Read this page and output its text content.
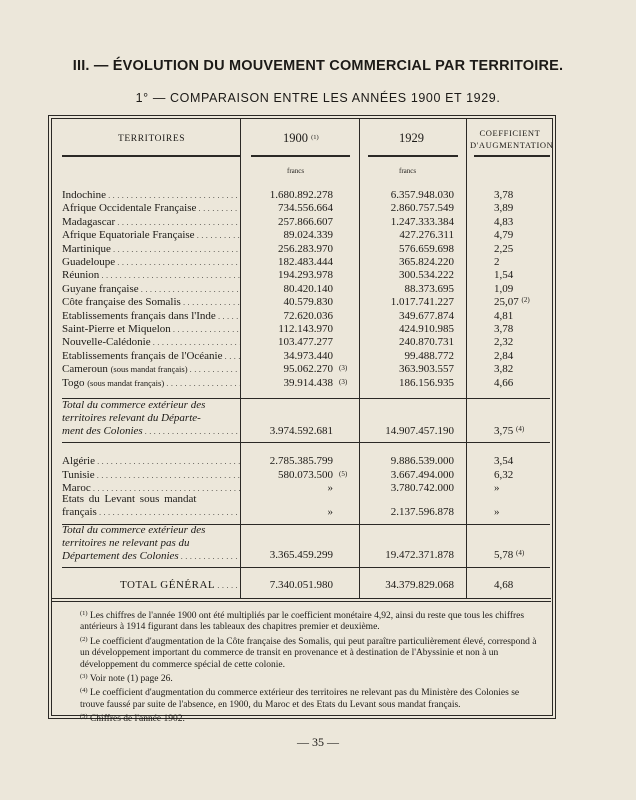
III. — ÉVOLUTION DU MOUVEMENT COMMERCIAL PAR TERRITOIRE.
1° — COMPARAISON ENTRE LES ANNÉES 1900 ET 1929.
TERRITOIRES	1900 $^{(1)}$	1929	COEFFICIENT
D'AUGMENTATION
francs	francs
Indochine . . .	1.680.892.278	6.357.948.030	3,78
Afrique Occidentale Française . . .	734.556.664	2.860.757.549	3,89
Madagascar . . .	257.866.607	1.247.333.384	4,83
Afrique Equatoriale Française . . .	89.024.339	427.276.311	4,79
Martinique . . .	256.283.970	576.659.698	2,25
Guadeloupe . . .	182.483.444	365.824.220	2
Réunion . . .	194.293.978	300.534.222	1,54
Guyane française . . .	80.420.140	88.373.695	1,09
Côte française des Somalis . . .	40.579.830	1.017.741.227	25,07 $^{(2)}$
Etablissements français dans l'Inde . . .	72.620.036	349.677.874	4,81
Saint-Pierre et Miquelon . . .	112.143.970	424.910.985	3,78
Nouvelle-Calédonie . . .	103.477.277	240.870.731	2,32
Etablissements français de l'Océanie . . .	34.973.440	99.488.772	2,84
Cameroun (sous mandat français) . . .	95.062.270 (3)	363.903.557	3,82
Togo (sous mandat français) . . .	39.914.438 (3)	186.156.935	4,66
Total du commerce extérieur des
territoires relevant du Départe-
ment des Colonies . . .	3.974.592.681	14.907.457.190	3,75 $^{(4)}$
Algérie . . .	2.785.385.799	9.886.539.000	3,54
Tunisie . . .	580.073.500 (5)	3.667.494.000	6,32
Maroc . . .	»	3.780.742.000	»
Etats du Levant sous mandat
français . . .	»	2.137.596.878	»
Total du commerce extérieur des
territoires ne relevant pas du
Département des Colonies . . .	3.365.459.299	19.472.371.878	5,78 $^{(4)}$
TOTAL GÉNÉRAL . . .	7.340.051.980	34.379.829.068	4,68

$^{(1)}$ Les chiffres de l'année 1900 ont été multipliés par le coefficient monétaire 4,92, ainsi du reste que tous les chiffres antérieurs à 1914 figurant dans les tableaux des chapitres premier et deuxième.

$^{(2)}$ Le coefficient d'augmentation de la Côte française des Somalis, qui peut paraître particulièrement élevé, correspond à un développement important du commerce de transit en provenance et à destination de l'Abyssinie et non à un développement du commerce spécial de cette colonie.

$^{(3)}$ Voir note (1) page 26.

$^{(4)}$ Le coefficient d'augmentation du commerce extérieur des territoires ne relevant pas du Ministère des Colonies se trouve faussé par suite de l'absence, en 1900, du Maroc et des Etats du Levant sous mandat français.

$^{(5)}$ Chiffres de l'année 1902.

— 35 —
